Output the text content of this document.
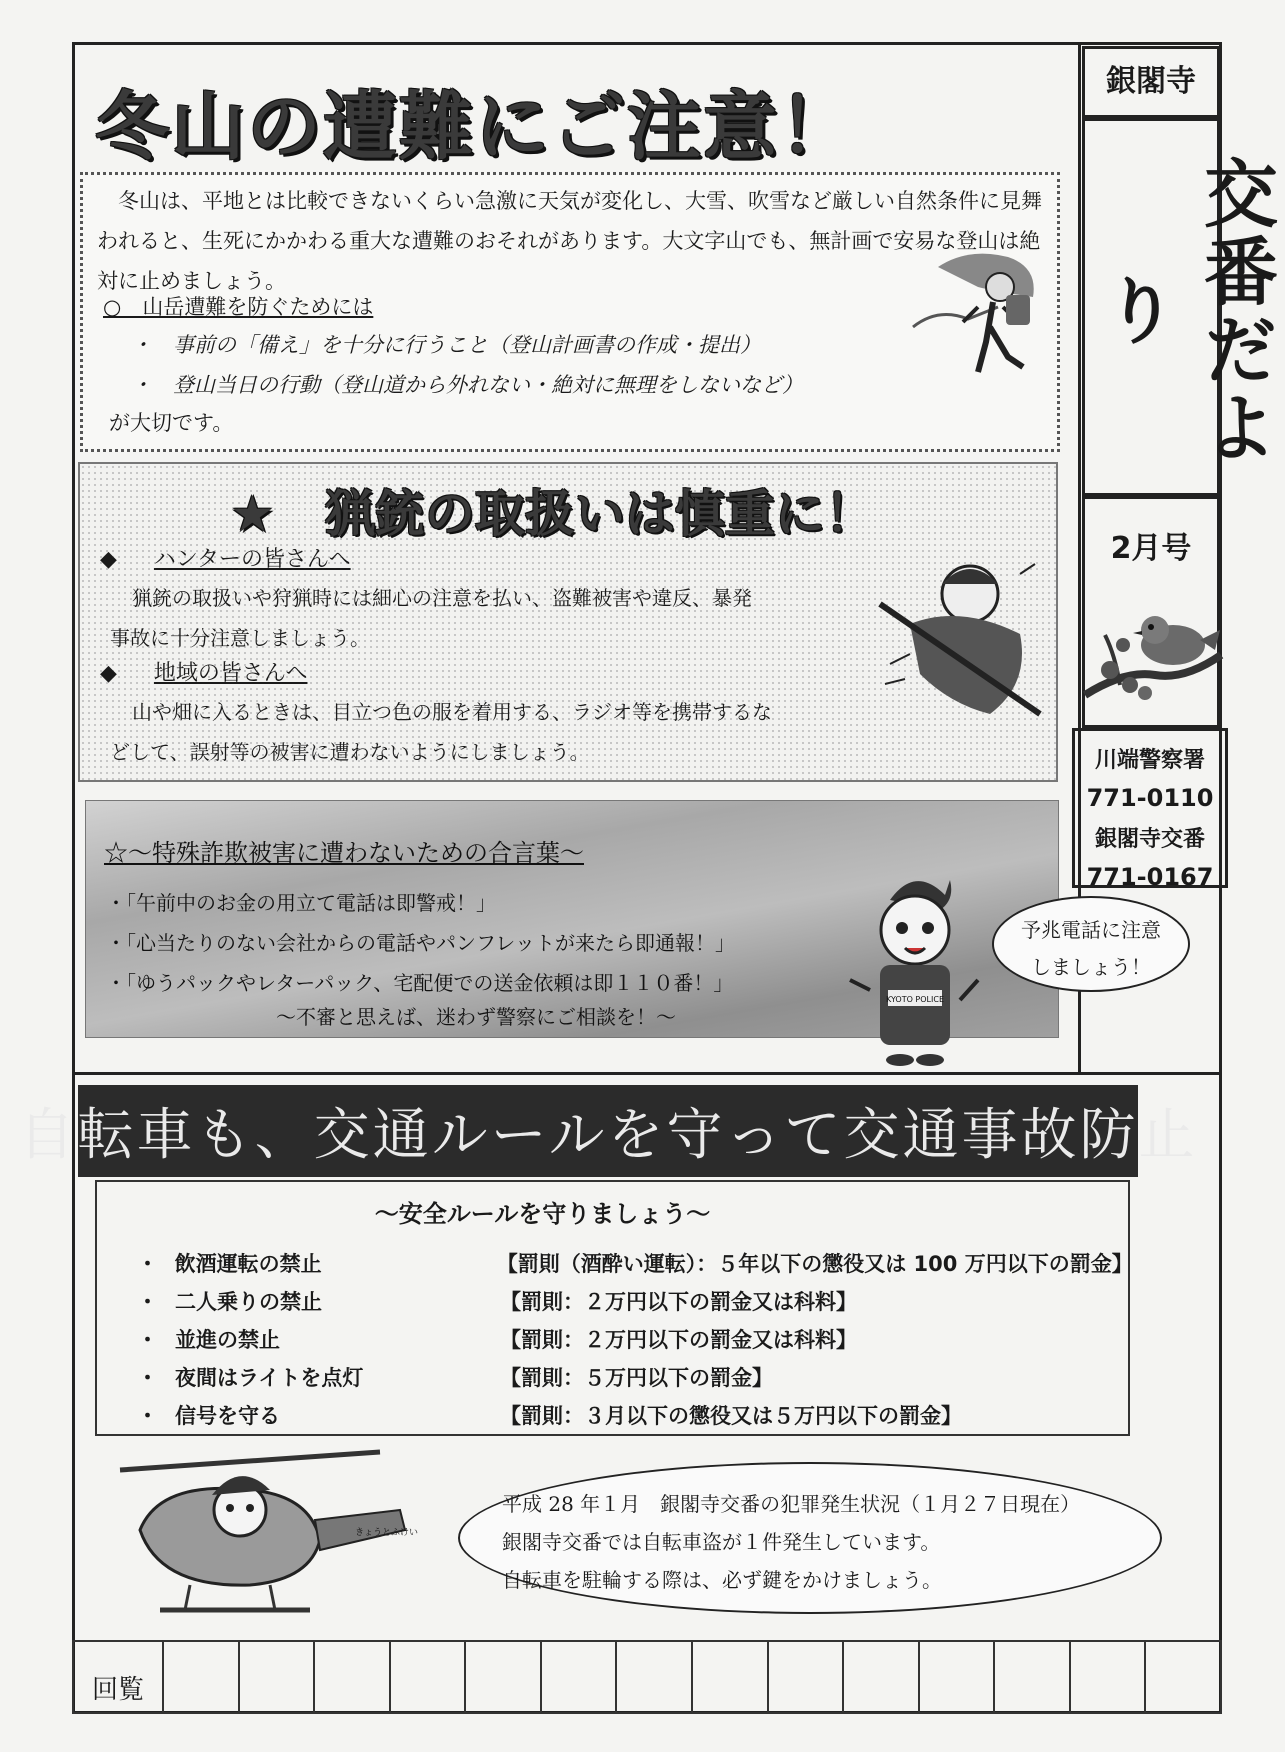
銀閣寺
交番だより
2月号
川端警察署
771-0110
銀閣寺交番
771-0167
冬山の遭難にご注意！
　冬山は、平地とは比較できないくらい急激に天気が変化し、大雪、吹雪など厳しい自然条件に見舞われると、生死にかかわる重大な遭難のおそれがあります。大文字山でも、無計画で安易な登山は絶対に止めましょう。
○　山岳遭難を防ぐためには
・　事前の「備え」を十分に行うこと（登山計画書の作成・提出）
・　登山当日の行動（登山道から外れない・絶対に無理をしないなど）
が大切です。
★　猟銃の取扱いは慎重に！
◆ ハンターの皆さんへ
猟銃の取扱いや狩猟時には細心の注意を払い、盗難被害や違反、暴発事故に十分注意しましょう。
◆ 地域の皆さんへ
山や畑に入るときは、目立つ色の服を着用する、ラジオ等を携帯するなどして、誤射等の被害に遭わないようにしましょう。
☆～特殊詐欺被害に遭わないための合言葉～
・「午前中のお金の用立て電話は即警戒！」
・「心当たりのない会社からの電話やパンフレットが来たら即通報！」
・「ゆうパックやレターパック、宅配便での送金依頼は即１１０番！」
～不審と思えば、迷わず警察にご相談を！～
KYOTO POLICE
予兆電話に注意
しましょう！
自転車も、交通ルールを守って交通事故防止
～安全ルールを守りましょう～
・ 飲酒運転の禁止	【罰則（酒酔い運転）：５年以下の懲役又は 100 万円以下の罰金】
・ 二人乗りの禁止	【罰則：２万円以下の罰金又は科料】
・ 並進の禁止	【罰則：２万円以下の罰金又は科料】
・ 夜間はライトを点灯	【罰則：５万円以下の罰金】
・ 信号を守る	【罰則：３月以下の懲役又は５万円以下の罰金】
きょうとふけい
平成 28 年１月　銀閣寺交番の犯罪発生状況（１月２７日現在）
銀閣寺交番では自転車盗が１件発生しています。
自転車を駐輪する際は、必ず鍵をかけましょう。
回覧														
